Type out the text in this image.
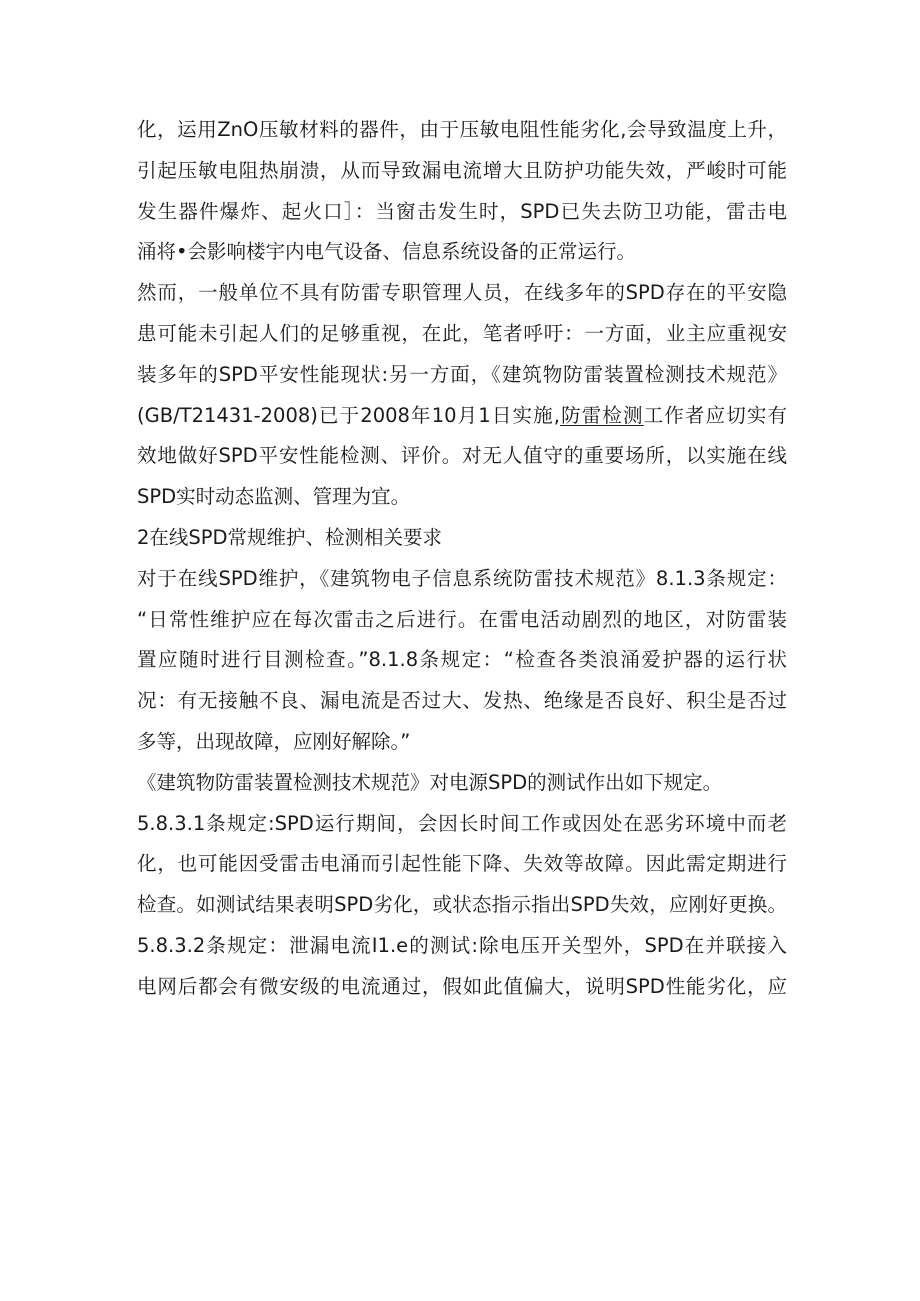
化，运用ZnO压敏材料的器件，由于压敏电阻性能劣化,会导致温度上升，
引起压敏电阻热崩溃，从而导致漏电流增大且防护功能失效，严峻时可能
发生器件爆炸、起火口］：当窗击发生时，SPD已失去防卫功能，雷击电
涌将•会影响楼宇内电气设备、信息系统设备的正常运行。
然而，一般单位不具有防雷专职管理人员，在线多年的SPD存在的平安隐
患可能未引起人们的足够重视，在此，笔者呼吁：一方面，业主应重视安
装多年的SPD平安性能现状:另一方面，《建筑物防雷装置检测技术规范》
(GB/T21431-2008)已于2008年10月1日实施,防雷检测工作者应切实有
效地做好SPD平安性能检测、评价。对无人值守的重要场所，以实施在线
SPD实时动态监测、管理为宜。
2在线SPD常规维护、检测相关要求
对于在线SPD维护，《建筑物电子信息系统防雷技术规范》8.1.3条规定：
“日常性维护应在每次雷击之后进行。在雷电活动剧烈的地区，对防雷装
置应随时进行目测检查。”8.1.8条规定：“检查各类浪涌爱护器的运行状
况：有无接触不良、漏电流是否过大、发热、绝缘是否良好、积尘是否过
多等，出现故障，应刚好解除。”
《建筑物防雷装置检测技术规范》对电源SPD的测试作出如下规定。
5.8.3.1条规定:SPD运行期间，会因长时间工作或因处在恶劣环境中而老
化，也可能因受雷击电涌而引起性能下降、失效等故障。因此需定期进行
检查。如测试结果表明SPD劣化，或状态指示指出SPD失效，应刚好更换。
5.8.3.2条规定：泄漏电流I1.e的测试:除电压开关型外，SPD在并联接入
电网后都会有微安级的电流通过，假如此值偏大，说明SPD性能劣化，应
